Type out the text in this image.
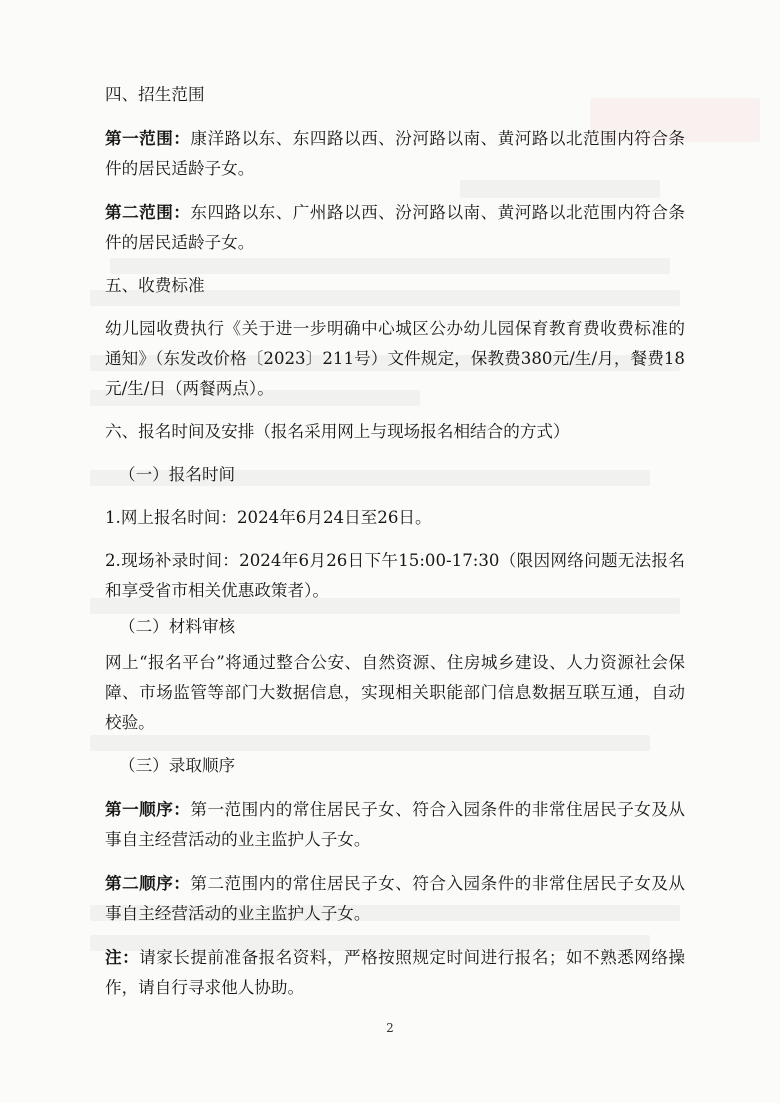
四、招生范围

第一范围：康洋路以东、东四路以西、汾河路以南、黄河路以北范围内符合条件的居民适龄子女。

第二范围：东四路以东、广州路以西、汾河路以南、黄河路以北范围内符合条件的居民适龄子女。

五、收费标准

幼儿园收费执行《关于进一步明确中心城区公办幼儿园保育教育费收费标准的通知》（东发改价格〔2023〕211号）文件规定，保教费380元/生/月，餐费18元/生/日（两餐两点）。

六、报名时间及安排（报名采用网上与现场报名相结合的方式）

（一）报名时间

1.网上报名时间：2024年6月24日至26日。

2.现场补录时间：2024年6月26日下午15:00-17:30（限因网络问题无法报名和享受省市相关优惠政策者）。

（二）材料审核

网上“报名平台”将通过整合公安、自然资源、住房城乡建设、人力资源社会保障、市场监管等部门大数据信息，实现相关职能部门信息数据互联互通，自动校验。

（三）录取顺序

第一顺序：第一范围内的常住居民子女、符合入园条件的非常住居民子女及从事自主经营活动的业主监护人子女。

第二顺序：第二范围内的常住居民子女、符合入园条件的非常住居民子女及从事自主经营活动的业主监护人子女。

注：请家长提前准备报名资料，严格按照规定时间进行报名；如不熟悉网络操作，请自行寻求他人协助。

2
